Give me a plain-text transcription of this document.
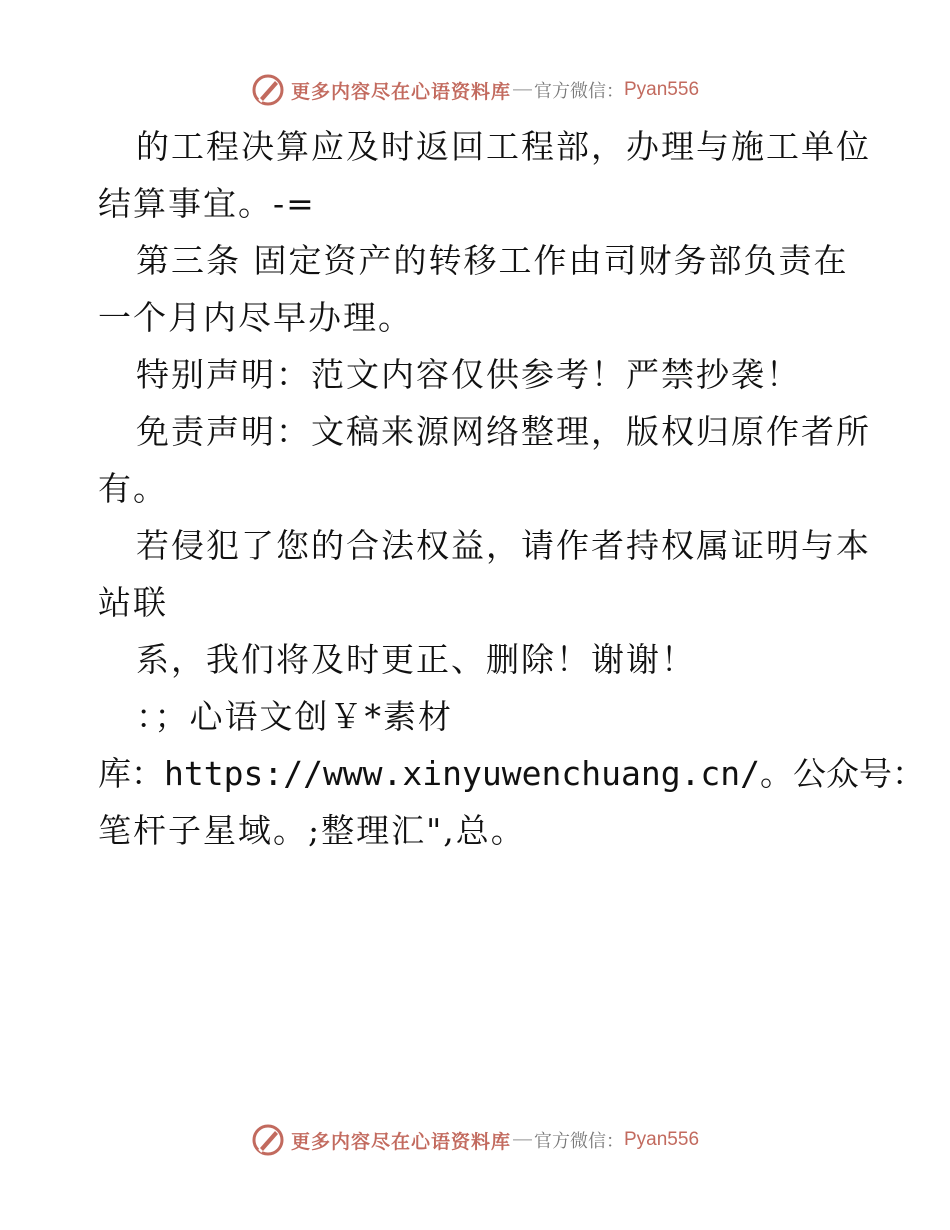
更多内容尽在心语资料库 — 官方微信： Pyan556
的工程决算应及时返回工程部，办理与施工单位
结算事宜。-=
第三条 固定资产的转移工作由司财务部负责在
一个月内尽早办理。
特别声明：范文内容仅供参考！严禁抄袭！
免责声明：文稿来源网络整理，版权归原作者所
有。
若侵犯了您的合法权益，请作者持权属证明与本
站联
系，我们将及时更正、删除！谢谢！
：；心语文创￥*素材
库：https://www.xinyuwenchuang.cn/。公众号：
笔杆子星域。;整理汇",总。
更多内容尽在心语资料库 — 官方微信： Pyan556
